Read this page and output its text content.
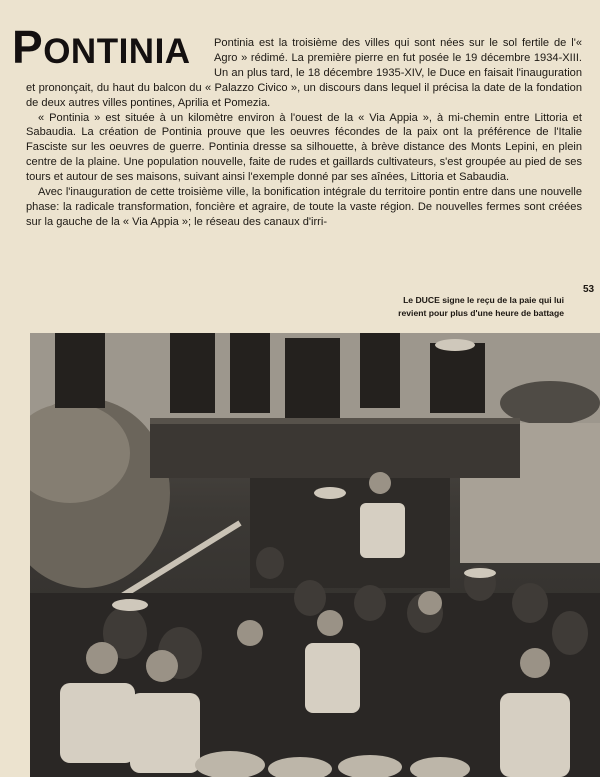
PONTINIA	Pontinia est la troisième des villes qui sont nées sur le sol fertile de l'« Agro » rédimé. La première pierre en fut posée le 19 décembre 1934-XIII. Un an plus tard, le 18 décembre 1935-XIV, le Duce en faisait l'inauguration et prononçait, du haut du balcon du « Palazzo Civico », un discours dans lequel il précisa la date de la fondation de deux autres villes pontines, Aprilia et Pomezia.

« Pontinia » est située à un kilomètre environ à l'ouest de la « Via Appia », à mi-chemin entre Littoria et Sabaudia. La création de Pontinia prouve que les oeuvres fécondes de la paix ont la préférence de l'Italie Fasciste sur les oeuvres de guerre. Pontinia dresse sa silhouette, à brève distance des Monts Lepini, en plein centre de la plaine. Une population nouvelle, faite de rudes et gaillards cultivateurs, s'est groupée au pied de ses tours et autour de ses maisons, suivant ainsi l'exemple donné par ses aînées, Littoria et Sabaudia.

Avec l'inauguration de cette troisième ville, la bonification intégrale du territoire pontin entre dans une nouvelle phase: la radicale transformation, foncière et agraire, de toute la vaste région. De nouvelles fermes sont créées sur la gauche de la « Via Appia »; le réseau des canaux d'irri-

53
Le DUCE signe le reçu de la paie qui lui
revient pour plus d'une heure de battage
